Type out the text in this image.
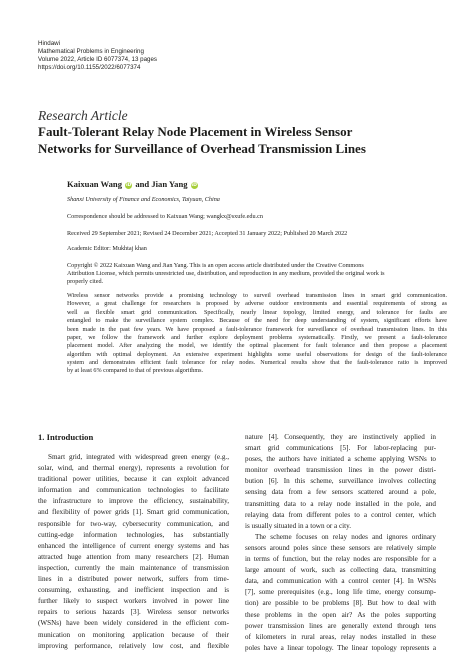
Hindawi
Mathematical Problems in Engineering
Volume 2022, Article ID 6077374, 13 pages
https://doi.org/10.1155/2022/6077374
Research Article
Fault-Tolerant Relay Node Placement in Wireless Sensor
Networks for Surveillance of Overhead Transmission Lines
Kaixuan Wang iD and Jian Yang iD
Shanxi University of Finance and Economics, Taiyuan, China
Correspondence should be addressed to Kaixuan Wang; wangkx@sxufe.edu.cn
Received 29 September 2021; Revised 24 December 2021; Accepted 31 January 2022; Published 20 March 2022
Academic Editor: Mukhtaj khan
Copyright © 2022 Kaixuan Wang and Jian Yang. This is an open access article distributed under the Creative Commons
Attribution License, which permits unrestricted use, distribution, and reproduction in any medium, provided the original work is
properly cited.
Wireless sensor networks provide a promising technology to surveil overhead transmission lines in smart grid communication.
However, a great challenge for researchers is proposed by adverse outdoor environments and essential requirements of strong as
well as flexible smart grid communication. Specifically, nearly linear topology, limited energy, and tolerance for faults are
entangled to make the surveillance system complex. Because of the need for deep understanding of system, significant efforts have
been made in the past few years. We have proposed a fault-tolerance framework for surveillance of overhead transmission lines. In this
paper, we follow the framework and further explore deployment problems systematically. Firstly, we present a fault-tolerance
placement model. After analyzing the model, we identify the optimal placement for fault tolerance and then propose a placement
algorithm with optimal deployment. An extensive experiment highlights some useful observations for design of the fault-tolerance
system and demonstrates efficient fault tolerance for relay nodes. Numerical results show that the fault-tolerance ratio is improved
by at least 6% compared to that of previous algorithms.
1. Introduction
Smart grid, integrated with widespread green energy (e.g.,
solar, wind, and thermal energy), represents a revolution for
traditional power utilities, because it can exploit advanced
information and communication technologies to facilitate
the infrastructure to improve the efficiency, sustainability,
and flexibility of power grids [1]. Smart grid communication,
responsible for two-way, cybersecurity communication, and
cutting-edge information technologies, has substantially
enhanced the intelligence of current energy systems and has
attracted huge attention from many researchers [2]. Human
inspection, currently the main maintenance of transmission
lines in a distributed power network, suffers from time-
consuming, exhausting, and inefficient inspection and is
further likely to suspect workers involved in power line
repairs to serious hazards [3]. Wireless sensor networks
(WSNs) have been widely considered in the efficient com-
munication on monitoring application because of their
improving performance, relatively low cost, and flexible
nature [4]. Consequently, they are instinctively applied in
smart grid communications [5]. For labor-replacing pur-
poses, the authors have initiated a scheme applying WSNs to
monitor overhead transmission lines in the power distri-
bution [6]. In this scheme, surveillance involves collecting
sensing data from a few sensors scattered around a pole,
transmitting data to a relay node installed in the pole, and
relaying data from different poles to a control center, which
is usually situated in a town or a city.
The scheme focuses on relay nodes and ignores ordinary
sensors around poles since these sensors are relatively simple
in terms of function, but the relay nodes are responsible for a
large amount of work, such as collecting data, transmitting
data, and communication with a control center [4]. In WSNs
[7], some prerequisites (e.g., long life time, energy consump-
tion) are possible to be problems [8]. But how to deal with
these problems in the open air? As the poles supporting
power transmission lines are generally extend through tens
of kilometers in rural areas, relay nodes installed in these
poles have a linear topology. The linear topology represents a
